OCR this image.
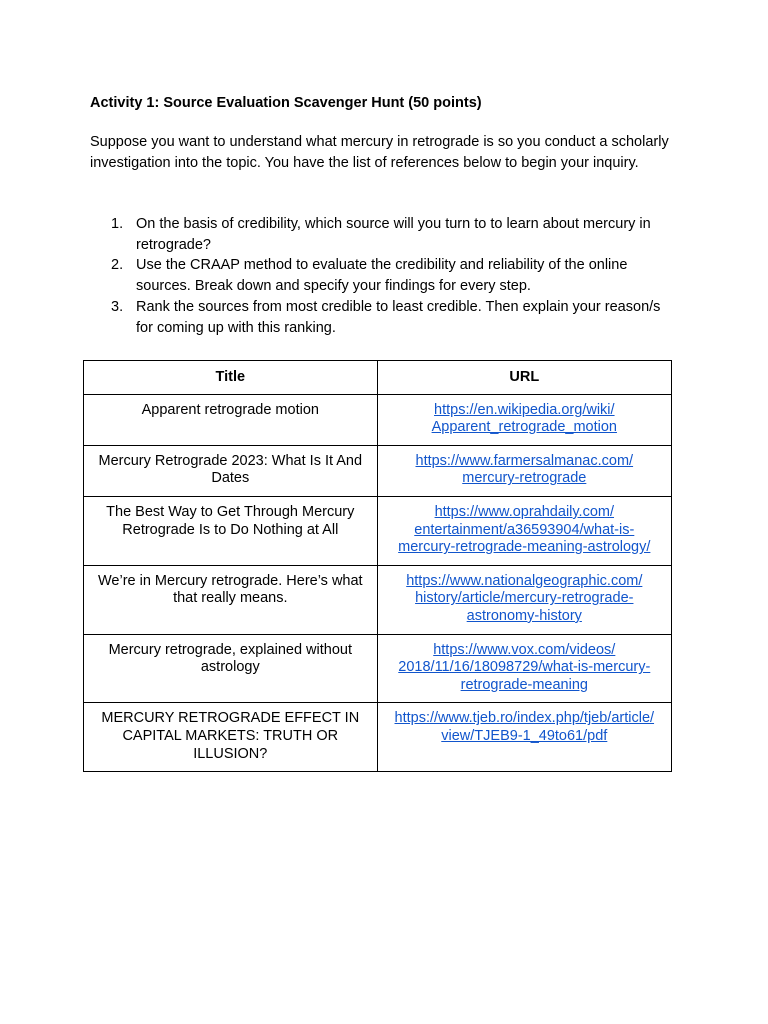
Activity 1: Source Evaluation Scavenger Hunt (50 points)
Suppose you want to understand what mercury in retrograde is so you conduct a scholarly investigation into the topic. You have the list of references below to begin your inquiry.
1. On the basis of credibility, which source will you turn to to learn about mercury in retrograde?
2. Use the CRAAP method to evaluate the credibility and reliability of the online sources. Break down and specify your findings for every step.
3. Rank the sources from most credible to least credible. Then explain your reason/s for coming up with this ranking.
Title	URL
Apparent retrograde motion	https://en.wikipedia.org/wiki/
Apparent_retrograde_motion
Mercury Retrograde 2023: What Is It And Dates	https://www.farmersalmanac.com/
mercury-retrograde
The Best Way to Get Through Mercury Retrograde Is to Do Nothing at All	https://www.oprahdaily.com/
entertainment/a36593904/what-is-
mercury-retrograde-meaning-astrology/
We’re in Mercury retrograde. Here’s what that really means.	https://www.nationalgeographic.com/
history/article/mercury-retrograde-
astronomy-history
Mercury retrograde, explained without astrology	https://www.vox.com/videos/
2018/11/16/18098729/what-is-mercury-
retrograde-meaning
MERCURY RETROGRADE EFFECT IN CAPITAL MARKETS: TRUTH OR ILLUSION?	https://www.tjeb.ro/index.php/tjeb/article/
view/TJEB9-1_49to61/pdf
